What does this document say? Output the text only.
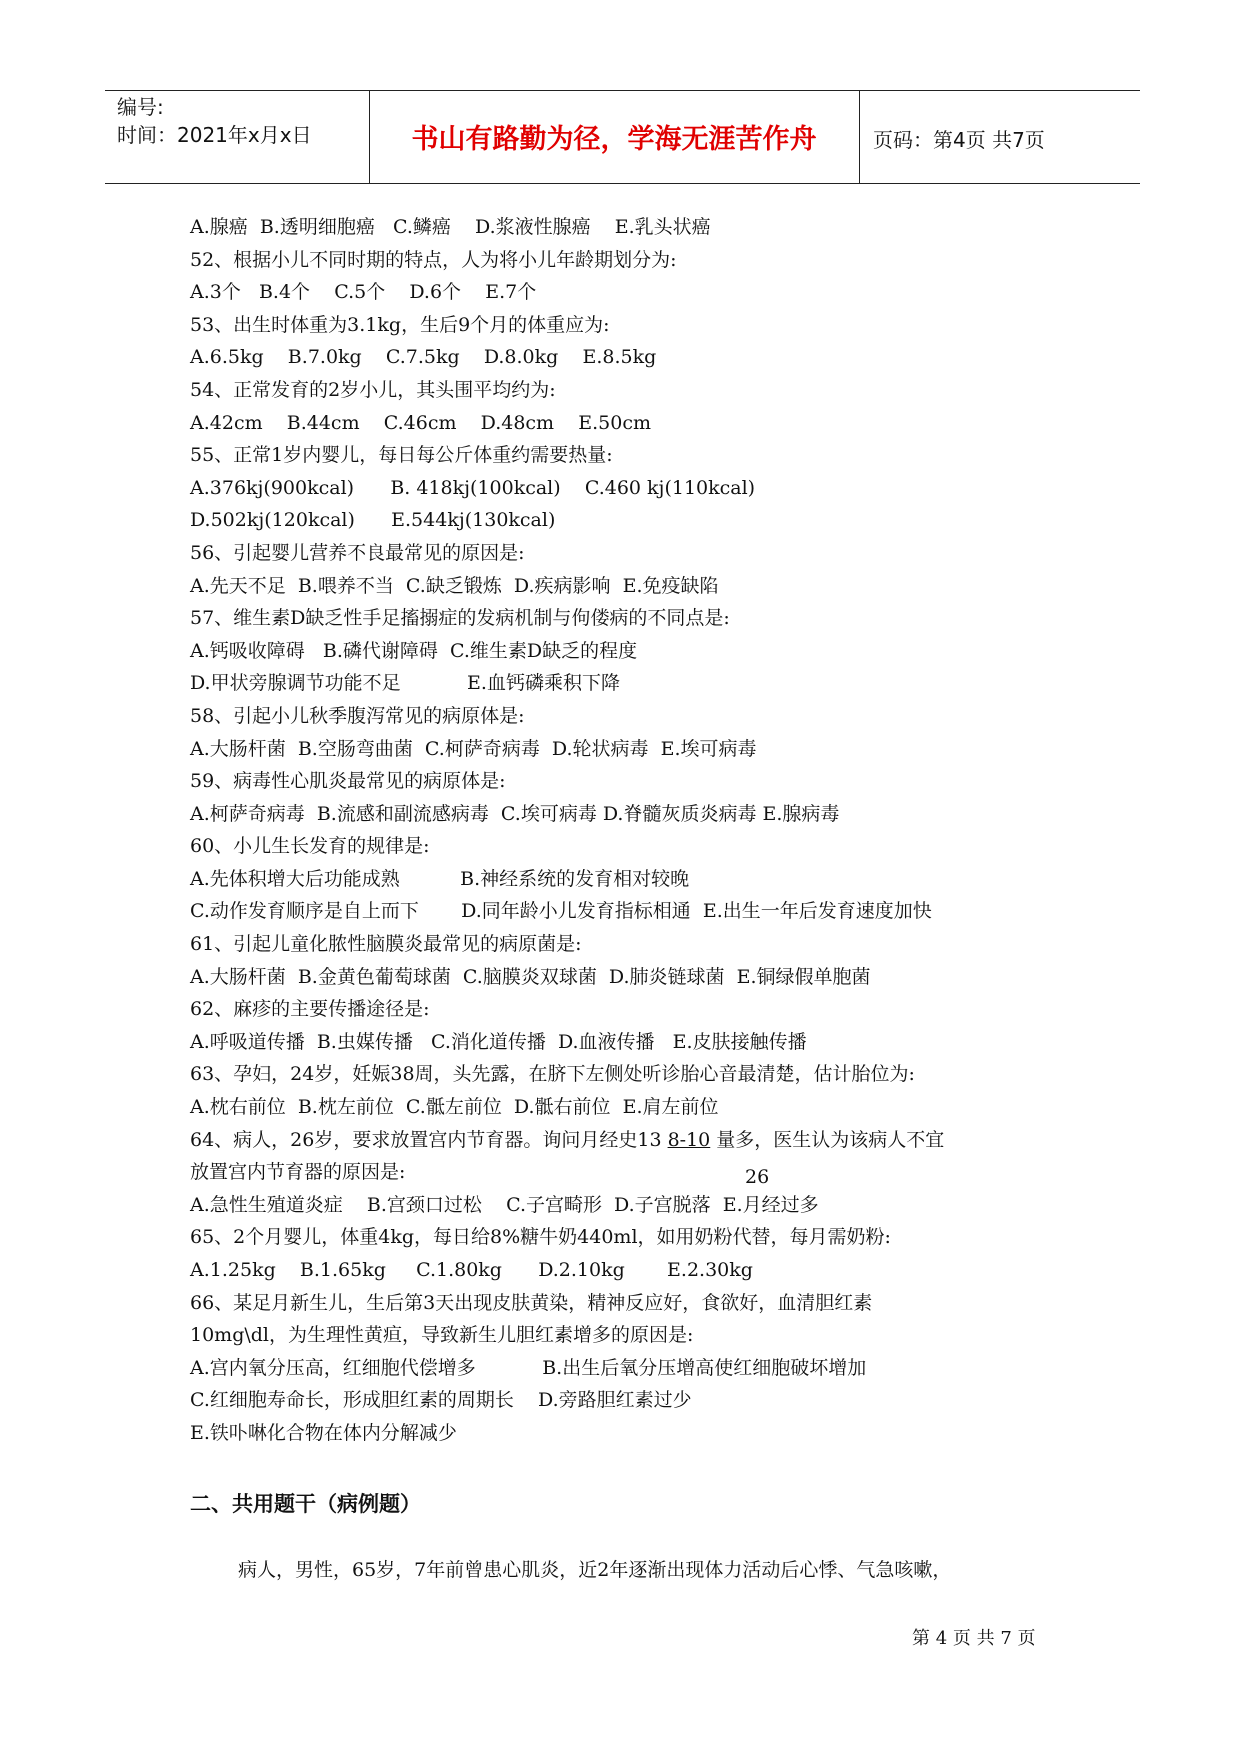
编号:
时间：2021年x月x日	书山有路勤为径，学海无涯苦作舟	页码：第4页 共7页
A.腺癌  B.透明细胞癌   C.鳞癌    D.浆液性腺癌    E.乳头状癌
52、根据小儿不同时期的特点，人为将小儿年龄期划分为:
A.3个   B.4个    C.5个    D.6个    E.7个
53、出生时体重为3.1kg，生后9个月的体重应为:
A.6.5kg    B.7.0kg    C.7.5kg    D.8.0kg    E.8.5kg
54、正常发育的2岁小儿，其头围平均约为:
A.42cm    B.44cm    C.46cm    D.48cm    E.50cm
55、正常1岁内婴儿，每日每公斤体重约需要热量:
A.376kj(900kcal)      B. 418kj(100kcal)    C.460 kj(110kcal)
D.502kj(120kcal)      E.544kj(130kcal)
56、引起婴儿营养不良最常见的原因是:
A.先天不足  B.喂养不当  C.缺乏锻炼  D.疾病影响  E.免疫缺陷
57、维生素D缺乏性手足搐搦症的发病机制与佝偻病的不同点是:
A.钙吸收障碍   B.磷代谢障碍  C.维生素D缺乏的程度
D.甲状旁腺调节功能不足           E.血钙磷乘积下降
58、引起小儿秋季腹泻常见的病原体是:
A.大肠杆菌  B.空肠弯曲菌  C.柯萨奇病毒  D.轮状病毒  E.埃可病毒
59、病毒性心肌炎最常见的病原体是:
A.柯萨奇病毒  B.流感和副流感病毒  C.埃可病毒 D.脊髓灰质炎病毒 E.腺病毒
60、小儿生长发育的规律是:
A.先体积增大后功能成熟          B.神经系统的发育相对较晚
C.动作发育顺序是自上而下       D.同年龄小儿发育指标相通  E.出生一年后发育速度加快
61、引起儿童化脓性脑膜炎最常见的病原菌是:
A.大肠杆菌  B.金黄色葡萄球菌  C.脑膜炎双球菌  D.肺炎链球菌  E.铜绿假单胞菌
62、麻疹的主要传播途径是:
A.呼吸道传播  B.虫媒传播   C.消化道传播  D.血液传播   E.皮肤接触传播
63、孕妇，24岁，妊娠38周，头先露，在脐下左侧处听诊胎心音最清楚，估计胎位为:
A.枕右前位  B.枕左前位  C.骶左前位  D.骶右前位  E.肩左前位
64、病人，26岁，要求放置宫内节育器。询问月经史13 8-10 量多，医生认为该病人不宜
放置宫内节育器的原因是:	26
A.急性生殖道炎症    B.宫颈口过松    C.子宫畸形  D.子宫脱落  E.月经过多
65、2个月婴儿，体重4kg，每日给8%糖牛奶440ml，如用奶粉代替，每月需奶粉:
A.1.25kg    B.1.65kg     C.1.80kg      D.2.10kg       E.2.30kg
66、某足月新生儿，生后第3天出现皮肤黄染，精神反应好，食欲好，血清胆红素
10mg\dl，为生理性黄疸，导致新生儿胆红素增多的原因是:
A.宫内氧分压高，红细胞代偿增多           B.出生后氧分压增高使红细胞破坏增加
C.红细胞寿命长，形成胆红素的周期长    D.旁路胆红素过少
E.铁卟啉化合物在体内分解减少
二、共用题干（病例题）
病人，男性，65岁，7年前曾患心肌炎，近2年逐渐出现体力活动后心悸、气急咳嗽，
第 4 页 共 7 页
